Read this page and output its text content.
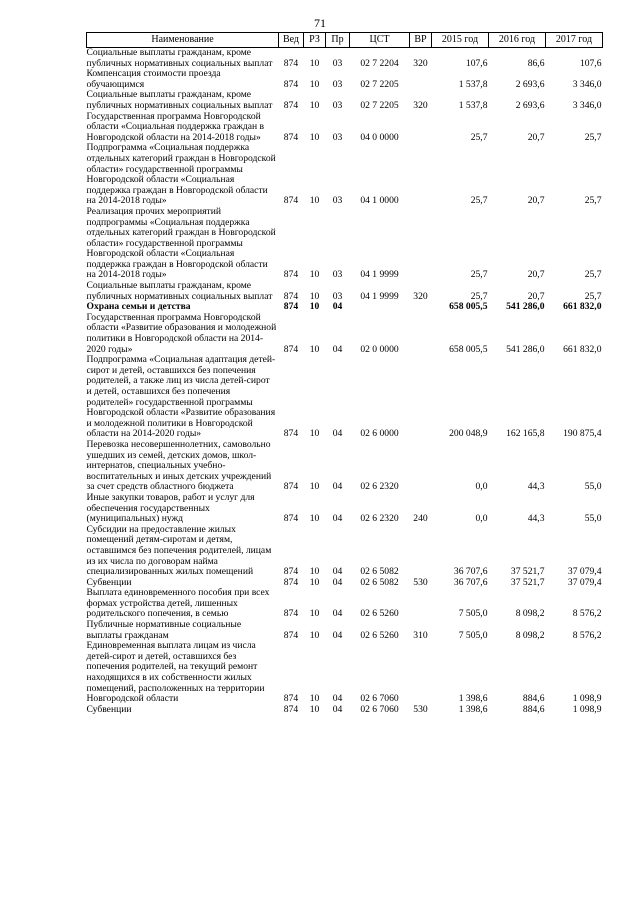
71
Наименование	Вед	РЗ	Пр	ЦСТ	ВР	2015 год	2016 год	2017 год
Социальные выплаты гражданам, кроме публичных нормативных социальных выплат	874	10	03	02 7 2204	320	107,6	86,6	107,6
Компенсация стоимости проезда обучающимся	874	10	03	02 7 2205		1 537,8	2 693,6	3 346,0
Социальные выплаты гражданам, кроме публичных нормативных социальных выплат	874	10	03	02 7 2205	320	1 537,8	2 693,6	3 346,0
Государственная программа Новгородской области «Социальная поддержка граждан в Новгородской области на 2014-2018 годы»	874	10	03	04 0 0000		25,7	20,7	25,7
Подпрограмма «Социальная поддержка отдельных категорий граждан в Новгородской области» государственной программы Новгородской области «Социальная поддержка граждан в Новгородской области на 2014-2018 годы»	874	10	03	04 1 0000		25,7	20,7	25,7
Реализация прочих мероприятий подпрограммы «Социальная поддержка отдельных категорий граждан в Новгородской области» государственной программы Новгородской области «Социальная поддержка граждан в Новгородской области на 2014-2018 годы»	874	10	03	04 1 9999		25,7	20,7	25,7
Социальные выплаты гражданам, кроме публичных нормативных социальных выплат	874	10	03	04 1 9999	320	25,7	20,7	25,7
Охрана семьи и детства	874	10	04			658 005,5	541 286,0	661 832,0
Государственная программа Новгородской области «Развитие образования и молодежной политики в Новгородской области на 2014-2020 годы»	874	10	04	02 0 0000		658 005,5	541 286,0	661 832,0
Подпрограмма «Социальная адаптация детей-сирот и детей, оставшихся без попечения родителей, а также лиц из числа детей-сирот и детей, оставшихся без попечения родителей» государственной программы Новгородской области «Развитие образования и молодежной политики в Новгородской области на 2014-2020 годы»	874	10	04	02 6 0000		200 048,9	162 165,8	190 875,4
Перевозка несовершеннолетних, самовольно ушедших из семей, детских домов, школ-интернатов, специальных учебно-воспитательных и иных детских учреждений за счет средств областного бюджета	874	10	04	02 6 2320		0,0	44,3	55,0
Иные закупки товаров, работ и услуг для обеспечения государственных (муниципальных) нужд	874	10	04	02 6 2320	240	0,0	44,3	55,0
Субсидии на предоставление жилых помещений детям-сиротам и детям, оставшимся без попечения родителей, лицам из их числа по договорам найма специализированных жилых помещений	874	10	04	02 6 5082		36 707,6	37 521,7	37 079,4
Субвенции	874	10	04	02 6 5082	530	36 707,6	37 521,7	37 079,4
Выплата единовременного пособия при всех формах устройства детей, лишенных родительского попечения, в семью	874	10	04	02 6 5260		7 505,0	8 098,2	8 576,2
Публичные нормативные социальные выплаты гражданам	874	10	04	02 6 5260	310	7 505,0	8 098,2	8 576,2
Единовременная выплата лицам из числа детей-сирот и детей, оставшихся без попечения родителей, на текущий ремонт находящихся в их собственности жилых помещений, расположенных на территории Новгородской области	874	10	04	02 6 7060		1 398,6	884,6	1 098,9
Субвенции	874	10	04	02 6 7060	530	1 398,6	884,6	1 098,9
